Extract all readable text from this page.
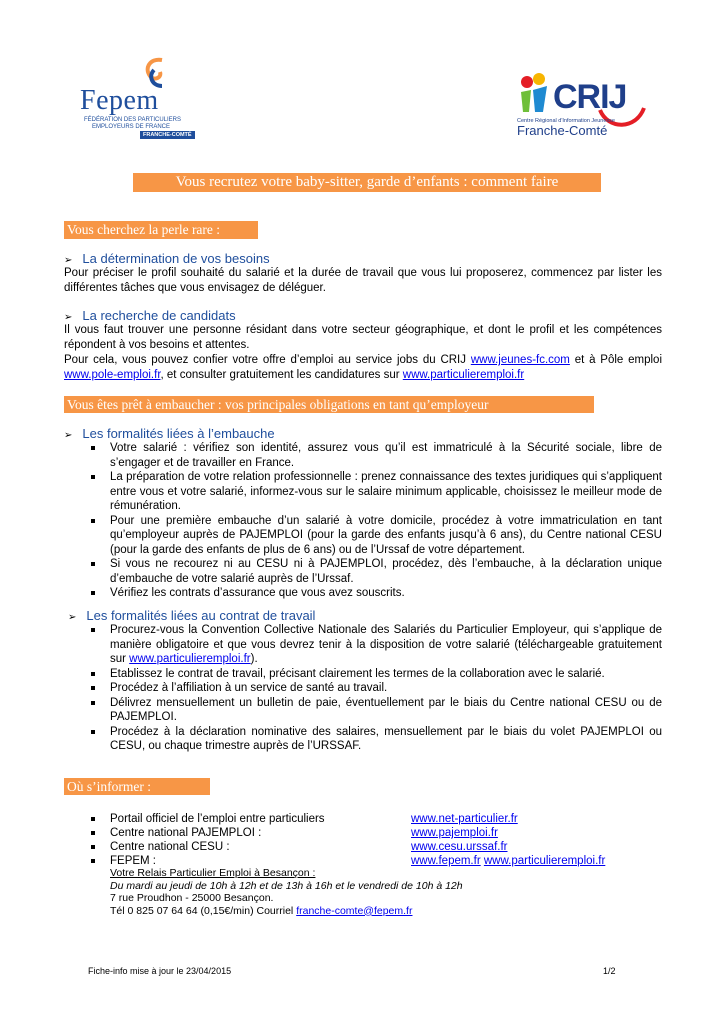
Fepem
FÉDÉRATION DES PARTICULIERS
EMPLOYEURS DE FRANCE
FRANCHE-COMTÉ
CRIJ
Centre Régional d'Information Jeunesse
Franche-Comté
Vous recrutez votre baby-sitter, garde d’enfants : comment faire
Vous cherchez la perle rare :
➢ La détermination de vos besoins
Pour préciser le profil souhaité du salarié et la durée de travail que vous lui proposerez, commencez par lister les différentes tâches que vous envisagez de déléguer.
➢ La recherche de candidats
Il vous faut trouver une personne résidant dans votre secteur géographique, et dont le profil et les compétences répondent à vos besoins et attentes.
Pour cela, vous pouvez confier votre offre d’emploi au service jobs du CRIJ www.jeunes-fc.com et à Pôle emploi www.pole-emploi.fr, et consulter gratuitement les candidatures sur www.particulieremploi.fr
Vous êtes prêt à embaucher : vos principales obligations en tant qu’employeur
➢ Les formalités liées à l’embauche
Votre salarié : vérifiez son identité, assurez vous qu’il est immatriculé à la Sécurité sociale, libre de s’engager et de travailler en France.
La préparation de votre relation professionnelle : prenez connaissance des textes juridiques qui s’appliquent entre vous et votre salarié, informez-vous sur le salaire minimum applicable, choisissez le meilleur mode de rémunération.
Pour une première embauche d’un salarié à votre domicile, procédez à votre immatriculation en tant qu’employeur auprès de PAJEMPLOI (pour la garde des enfants jusqu’à 6 ans), du Centre national CESU (pour la garde des enfants de plus de 6 ans) ou de l’Urssaf de votre département.
Si vous ne recourez ni au CESU ni à PAJEMPLOI, procédez, dès l’embauche, à la déclaration unique d’embauche de votre salarié auprès de l’Urssaf.
Vérifiez les contrats d’assurance que vous avez souscrits.
➢ Les formalités liées au contrat de travail
Procurez-vous la Convention Collective Nationale des Salariés du Particulier Employeur, qui s’applique de manière obligatoire et que vous devrez tenir à la disposition de votre salarié (téléchargeable gratuitement sur www.particulieremploi.fr).
Etablissez le contrat de travail, précisant clairement les termes de la collaboration avec le salarié.
Procédez à l’affiliation à un service de santé au travail.
Délivrez mensuellement un bulletin de paie, éventuellement par le biais du Centre national CESU ou de PAJEMPLOI.
Procédez à la déclaration nominative des salaires, mensuellement par le biais du volet PAJEMPLOI ou CESU, ou chaque trimestre auprès de l’URSSAF.
Où s’informer :
Portail officiel de l’emploi entre particuliers	www.net-particulier.fr
Centre national PAJEMPLOI :	www.pajemploi.fr
Centre national CESU :	www.cesu.urssaf.fr
FEPEM :	www.fepem.fr www.particulieremploi.fr
Votre Relais Particulier Emploi à Besançon :
Du mardi au jeudi de 10h à 12h et de 13h à 16h et le vendredi de 10h à 12h
7 rue Proudhon - 25000 Besançon.
Tél 0 825 07 64 64 (0,15€/min) Courriel franche-comte@fepem.fr
Fiche-info mise à jour le 23/04/2015	1/2
